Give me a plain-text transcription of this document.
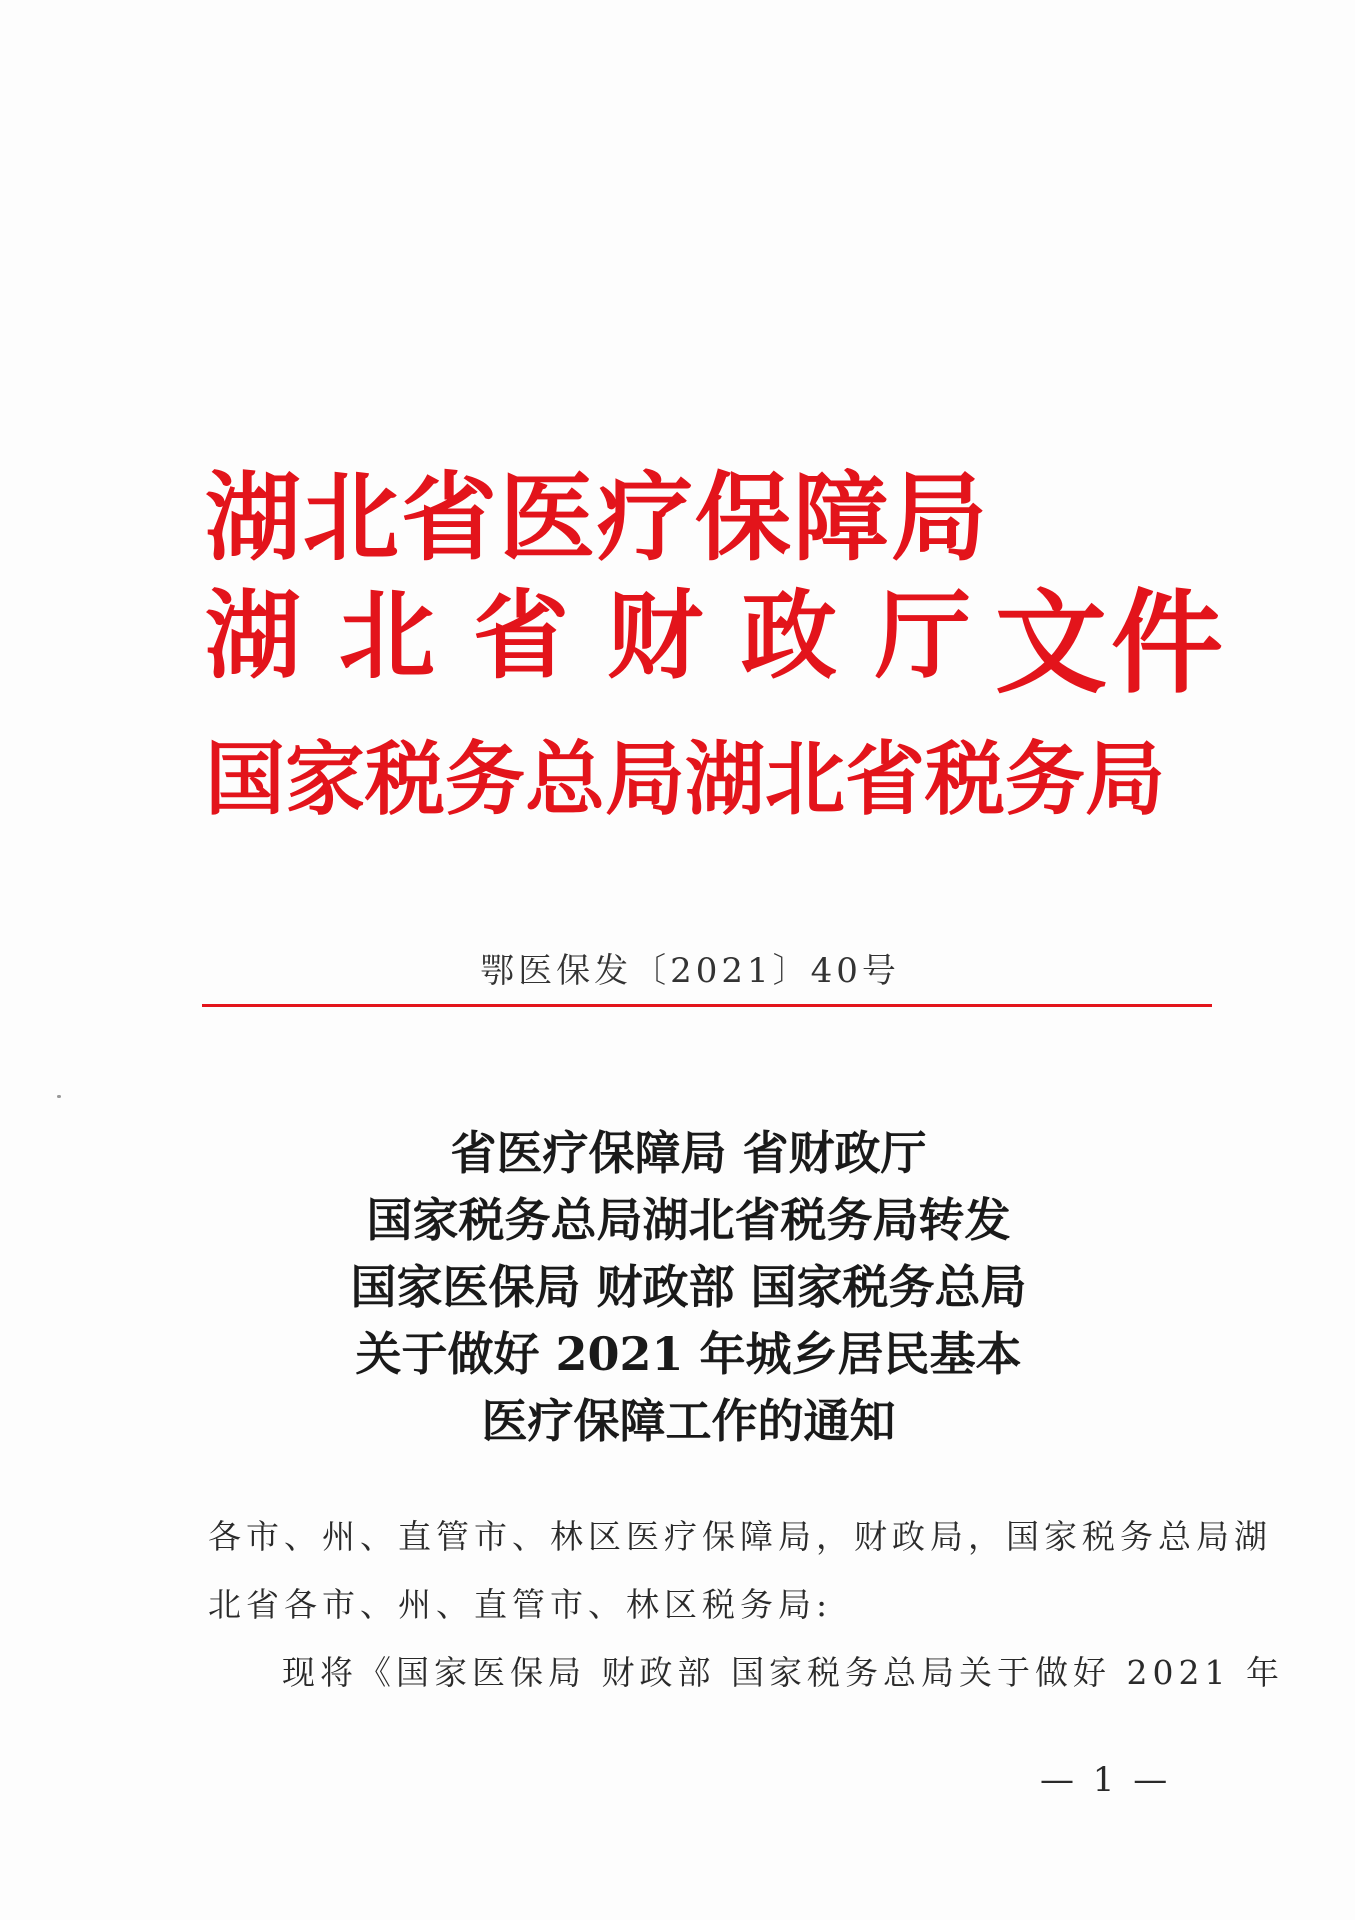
湖北省医疗保障局
湖北省财政厅
文件
国家税务总局湖北省税务局
鄂医保发〔2021〕40号
省医疗保障局 省财政厅
国家税务总局湖北省税务局转发
国家医保局 财政部 国家税务总局
关于做好 2021 年城乡居民基本
医疗保障工作的通知
各市、州、直管市、林区医疗保障局，财政局，国家税务总局湖
北省各市、州、直管市、林区税务局:
现将《国家医保局 财政部 国家税务总局关于做好 2021 年
— 1 —
